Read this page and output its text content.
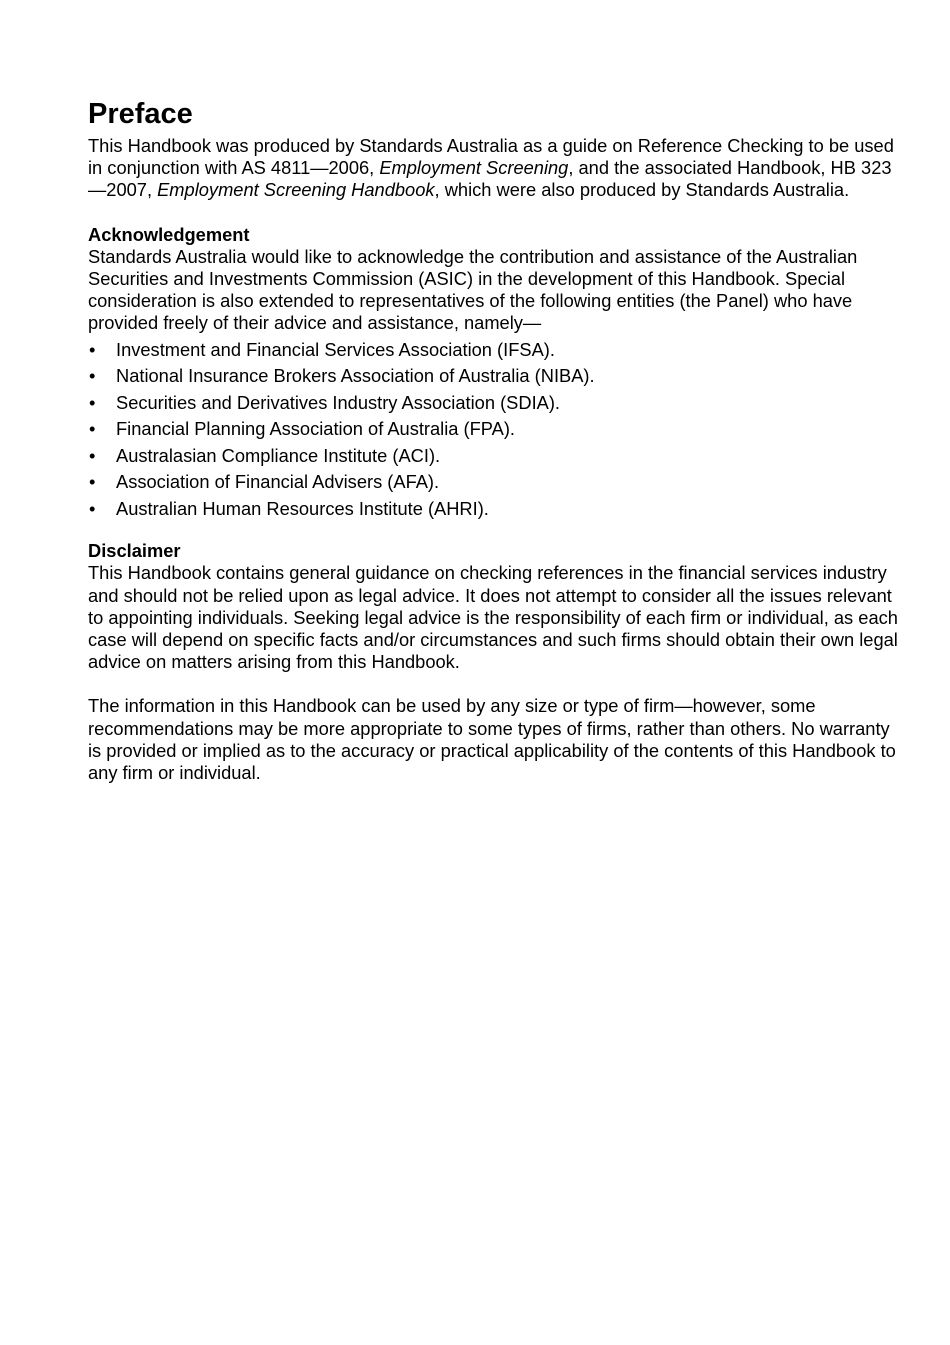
Preface

This Handbook was produced by Standards Australia as a guide on Reference Checking to be used in conjunction with AS 4811—2006, Employment Screening, and the associated Handbook, HB 323—2007, Employment Screening Handbook, which were also produced by Standards Australia.

Acknowledgement

Standards Australia would like to acknowledge the contribution and assistance of the Australian Securities and Investments Commission (ASIC) in the development of this Handbook. Special consideration is also extended to representatives of the following entities (the Panel) who have provided freely of their advice and assistance, namely—

• Investment and Financial Services Association (IFSA).
• National Insurance Brokers Association of Australia (NIBA).
• Securities and Derivatives Industry Association (SDIA).
• Financial Planning Association of Australia (FPA).
• Australasian Compliance Institute (ACI).
• Association of Financial Advisers (AFA).
• Australian Human Resources Institute (AHRI).
Disclaimer

This Handbook contains general guidance on checking references in the financial services industry and should not be relied upon as legal advice. It does not attempt to consider all the issues relevant to appointing individuals. Seeking legal advice is the responsibility of each firm or individual, as each case will depend on specific facts and/or circumstances and such firms should obtain their own legal advice on matters arising from this Handbook.

The information in this Handbook can be used by any size or type of firm—however, some recommendations may be more appropriate to some types of firms, rather than others. No warranty is provided or implied as to the accuracy or practical applicability of the contents of this Handbook to any firm or individual.
